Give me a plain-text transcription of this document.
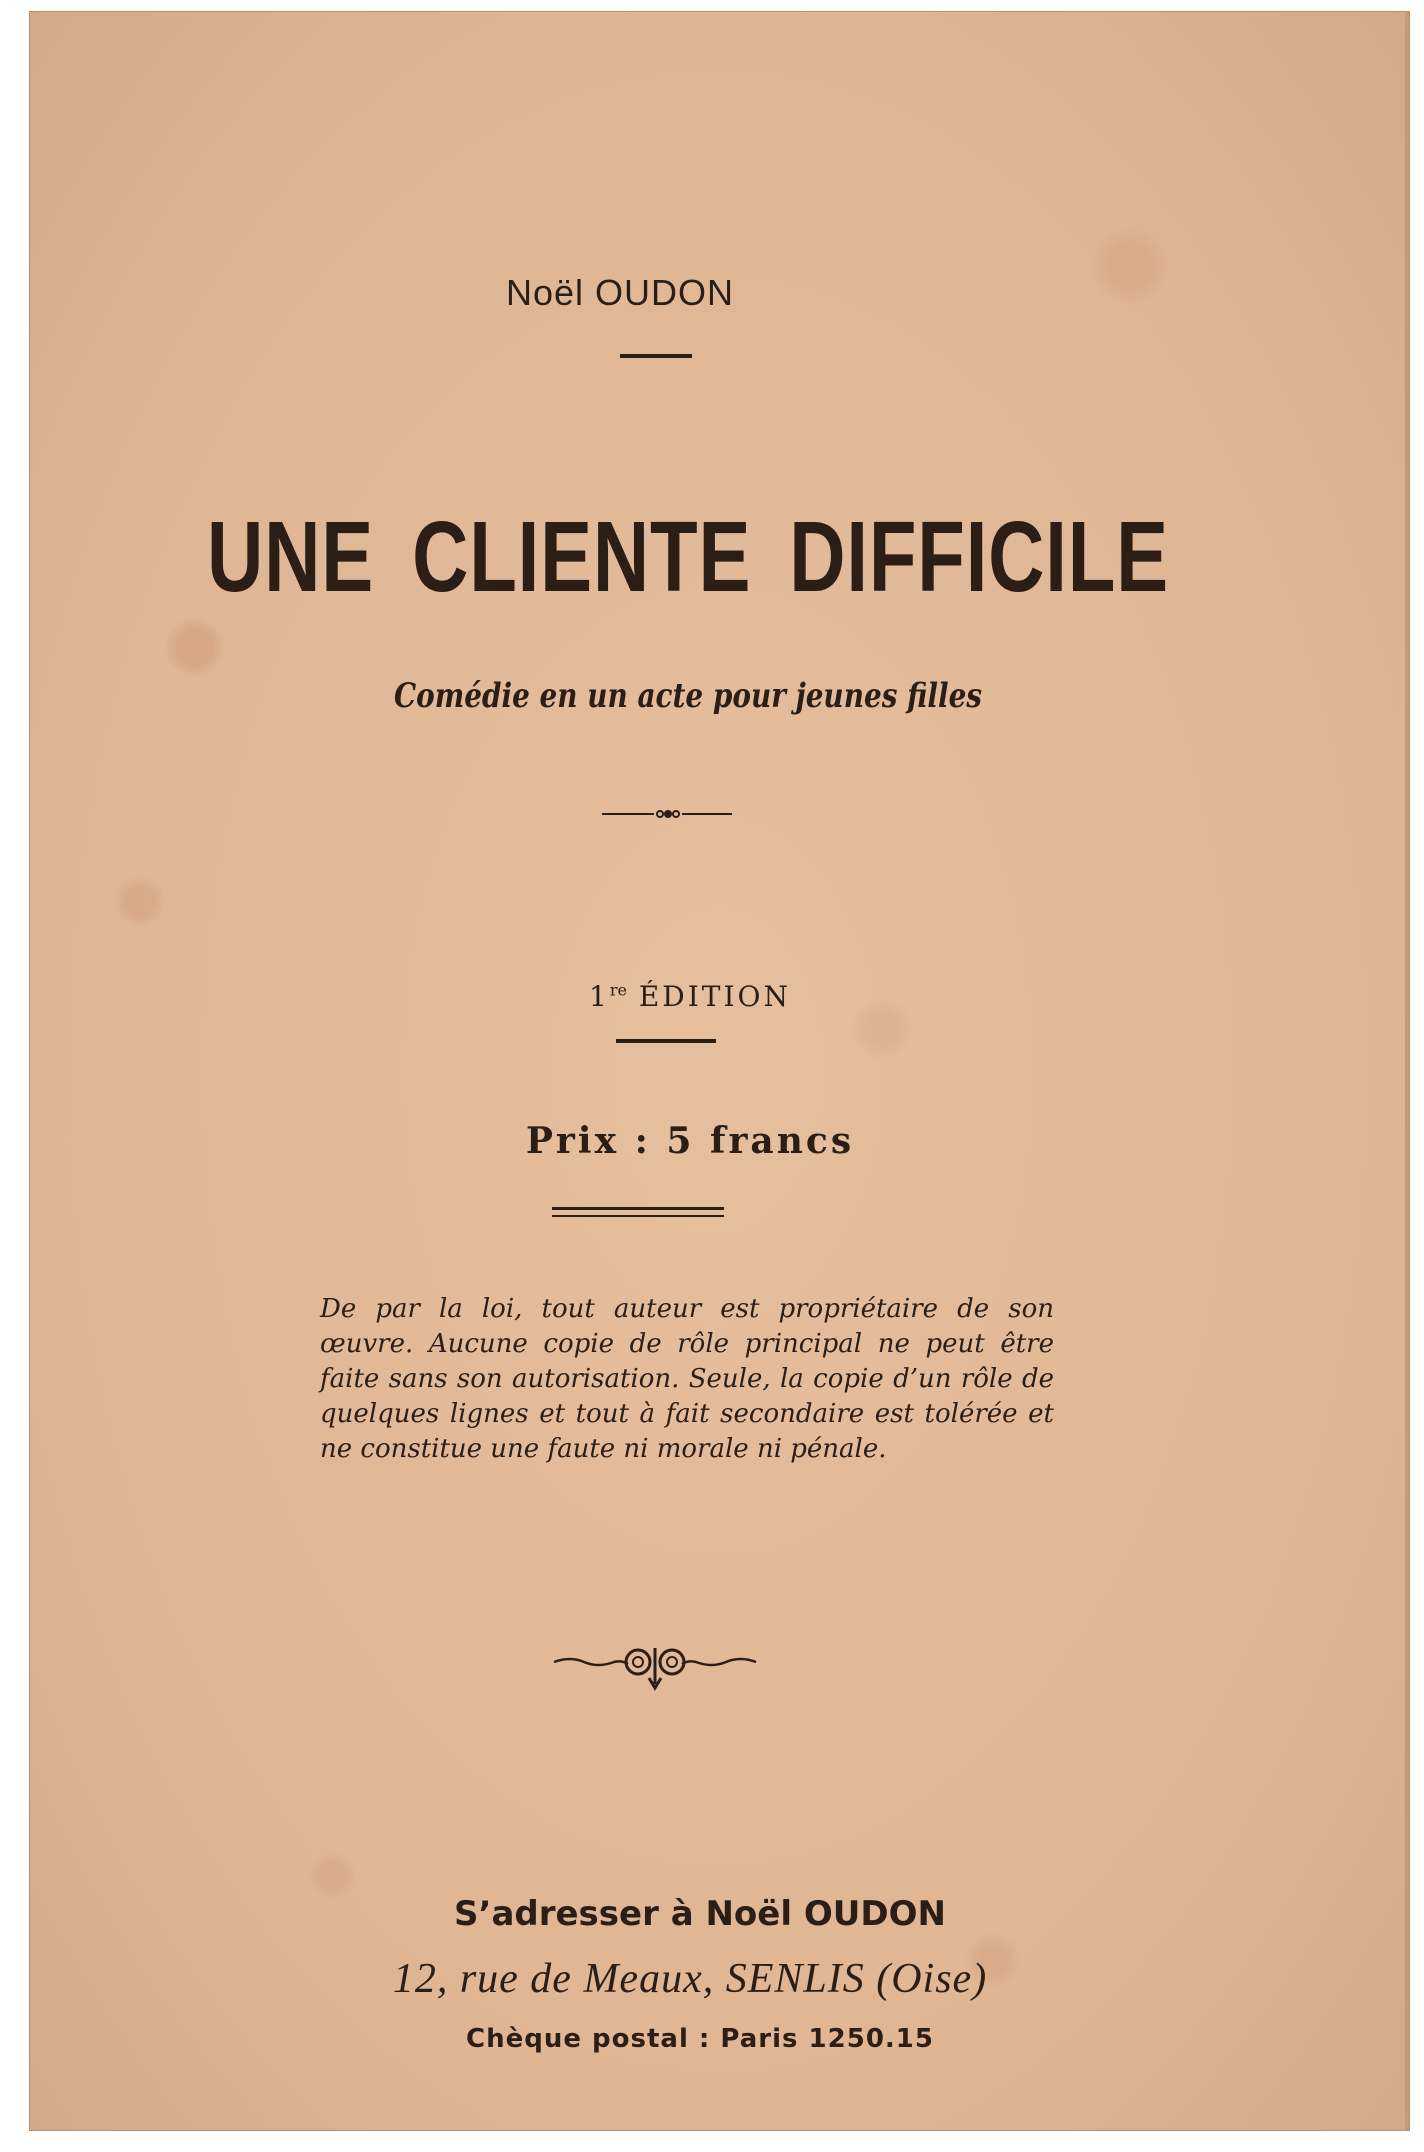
Noël OUDON
UNE CLIENTE DIFFICILE
Comédie en un acte pour jeunes filles
1re ÉDITION
Prix : 5 francs
De par la loi, tout auteur est propriétaire de son œuvre. Aucune copie de rôle principal ne peut être faite sans son autorisation. Seule, la copie d’un rôle de quelques lignes et tout à fait secondaire est tolérée et ne constitue une faute ni morale ni pénale.
S’adresser à Noël OUDON
12, rue de Meaux, SENLIS (Oise)
Chèque postal : Paris 1250.15
